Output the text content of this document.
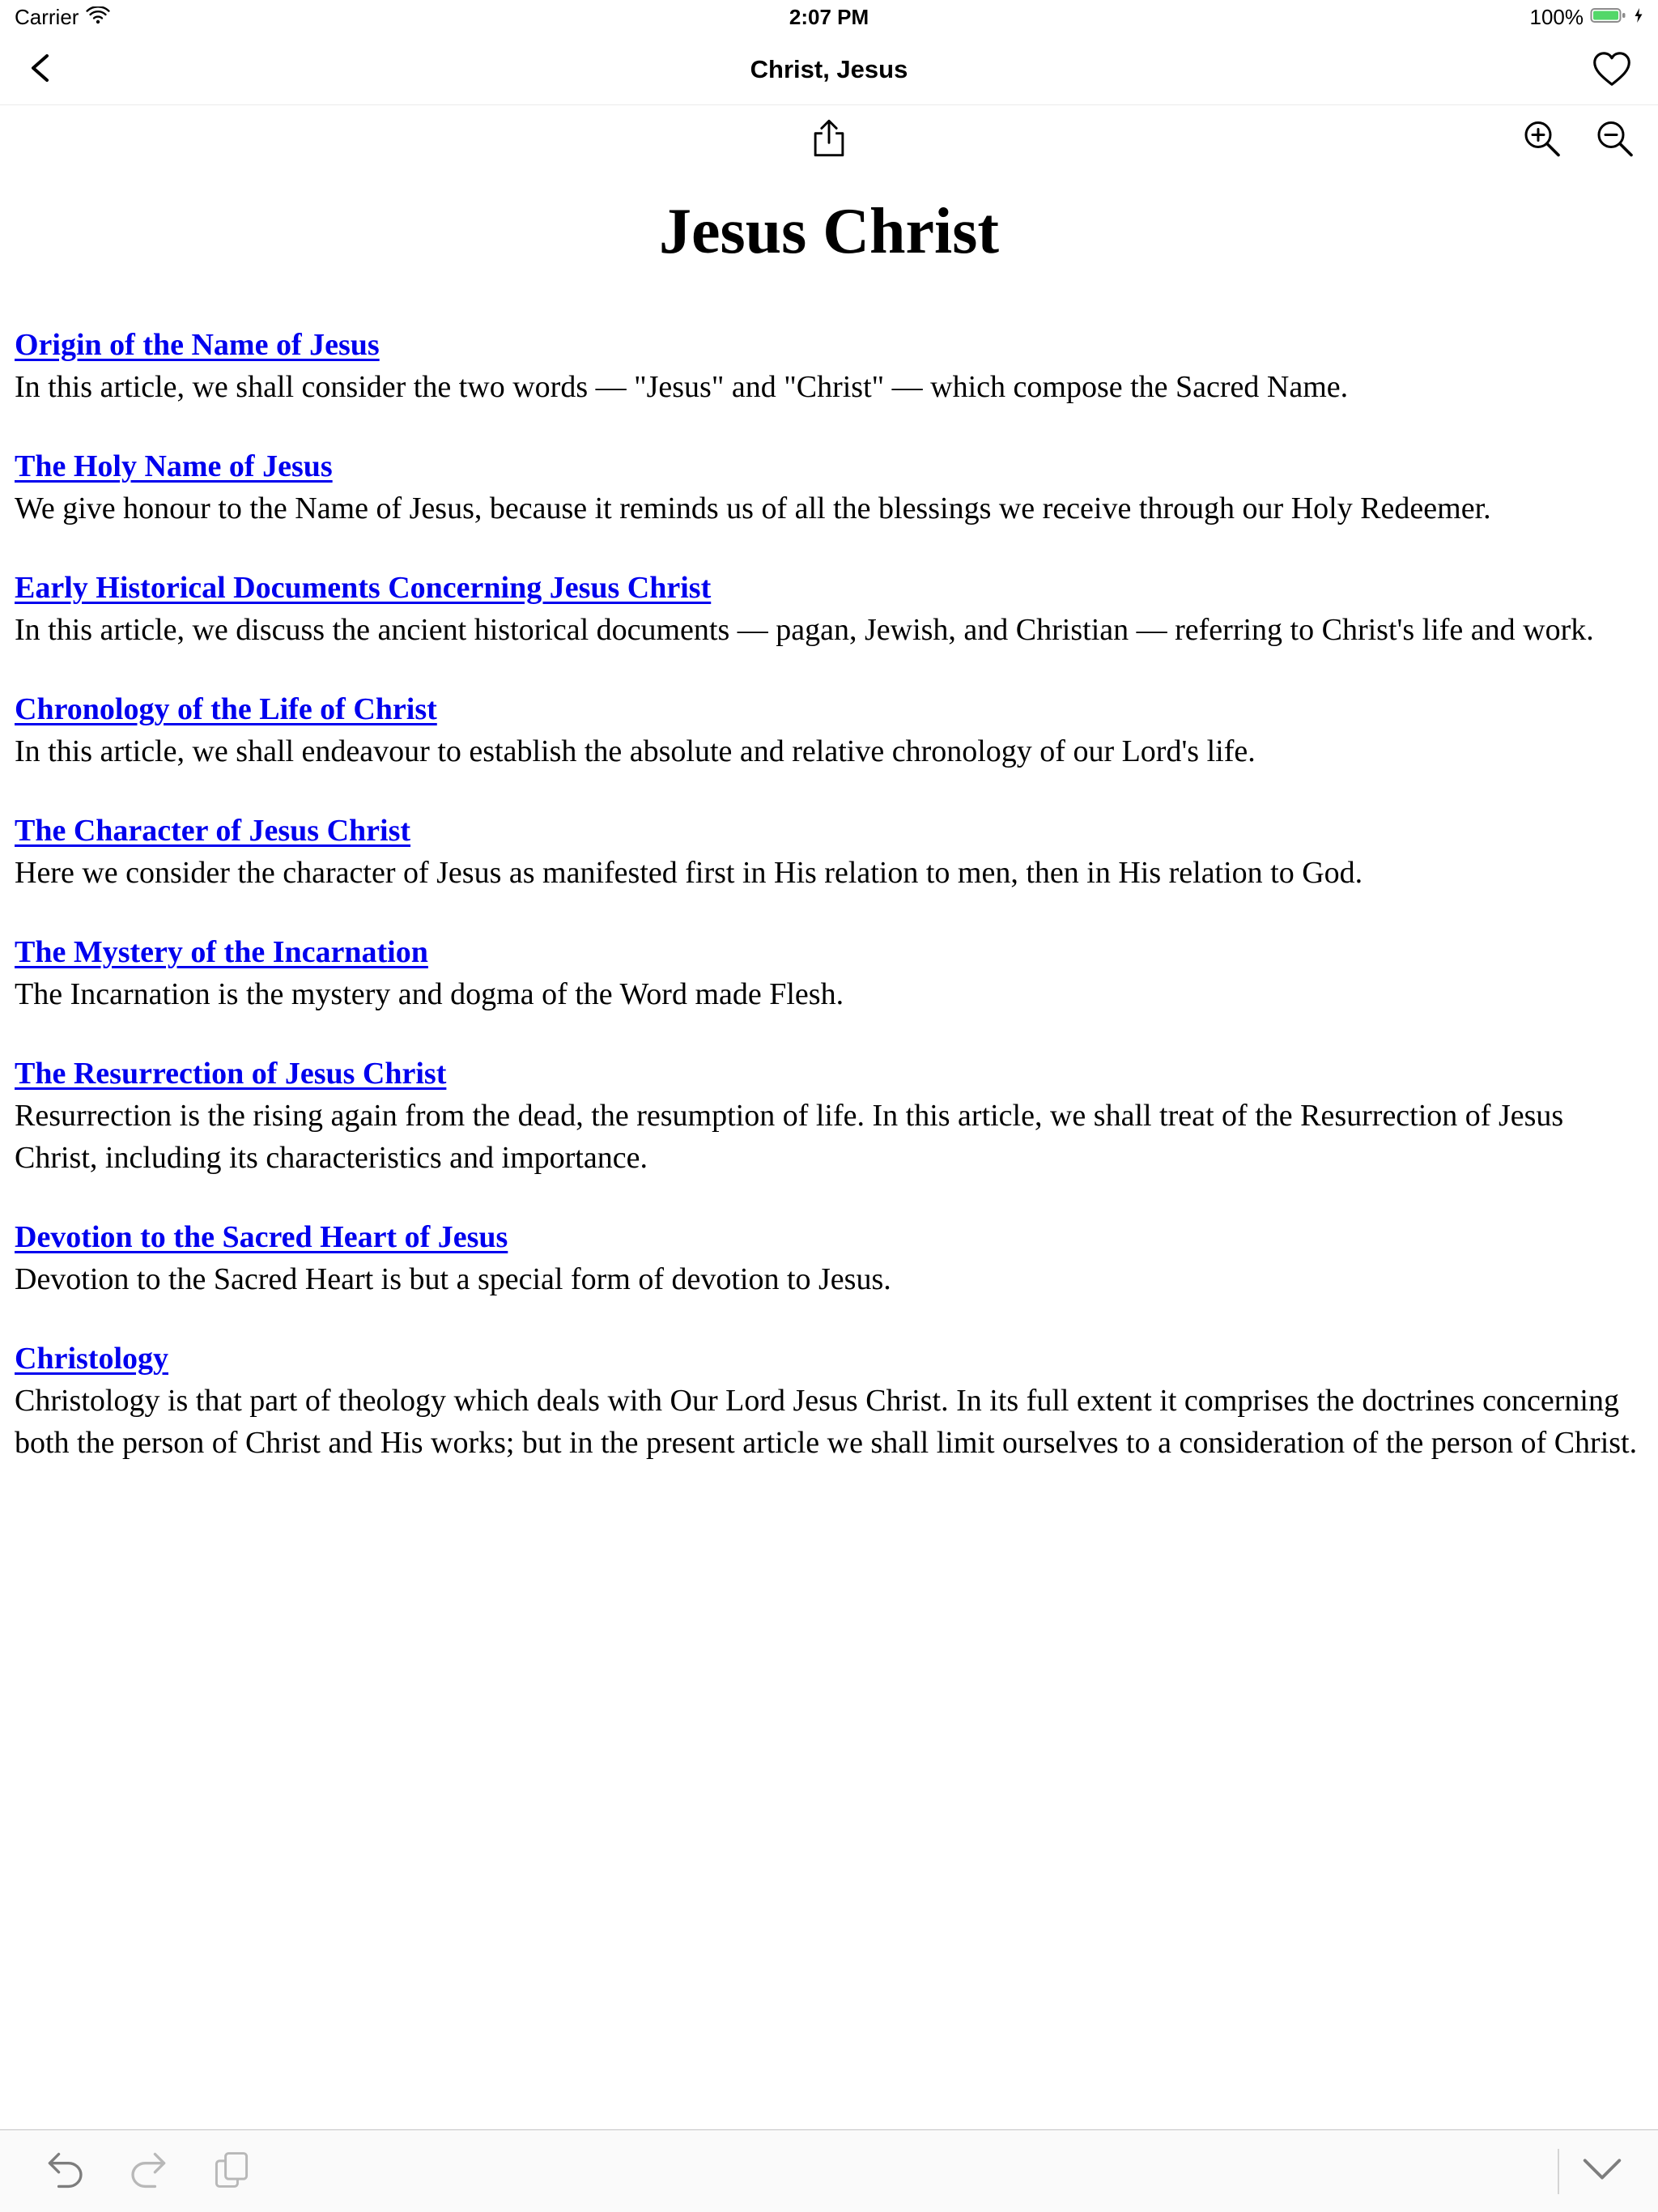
Carrier	2:07 PM	100%
Christ, Jesus
Jesus Christ
Origin of the Name of Jesus

In this article, we shall consider the two words — "Jesus" and "Christ" — which compose the Sacred Name.

The Holy Name of Jesus

We give honour to the Name of Jesus, because it reminds us of all the blessings we receive through our Holy Redeemer.

Early Historical Documents Concerning Jesus Christ

In this article, we discuss the ancient historical documents — pagan, Jewish, and Christian — referring to Christ's life and work.

Chronology of the Life of Christ

In this article, we shall endeavour to establish the absolute and relative chronology of our Lord's life.

The Character of Jesus Christ

Here we consider the character of Jesus as manifested first in His relation to men, then in His relation to God.

The Mystery of the Incarnation

The Incarnation is the mystery and dogma of the Word made Flesh.

The Resurrection of Jesus Christ

Resurrection is the rising again from the dead, the resumption of life. In this article, we shall treat of the Resurrection of Jesus Christ, including its characteristics and importance.

Devotion to the Sacred Heart of Jesus

Devotion to the Sacred Heart is but a special form of devotion to Jesus.

Christology

Christology is that part of theology which deals with Our Lord Jesus Christ. In its full extent it comprises the doctrines concerning both the person of Christ and His works; but in the present article we shall limit ourselves to a consideration of the person of Christ.
